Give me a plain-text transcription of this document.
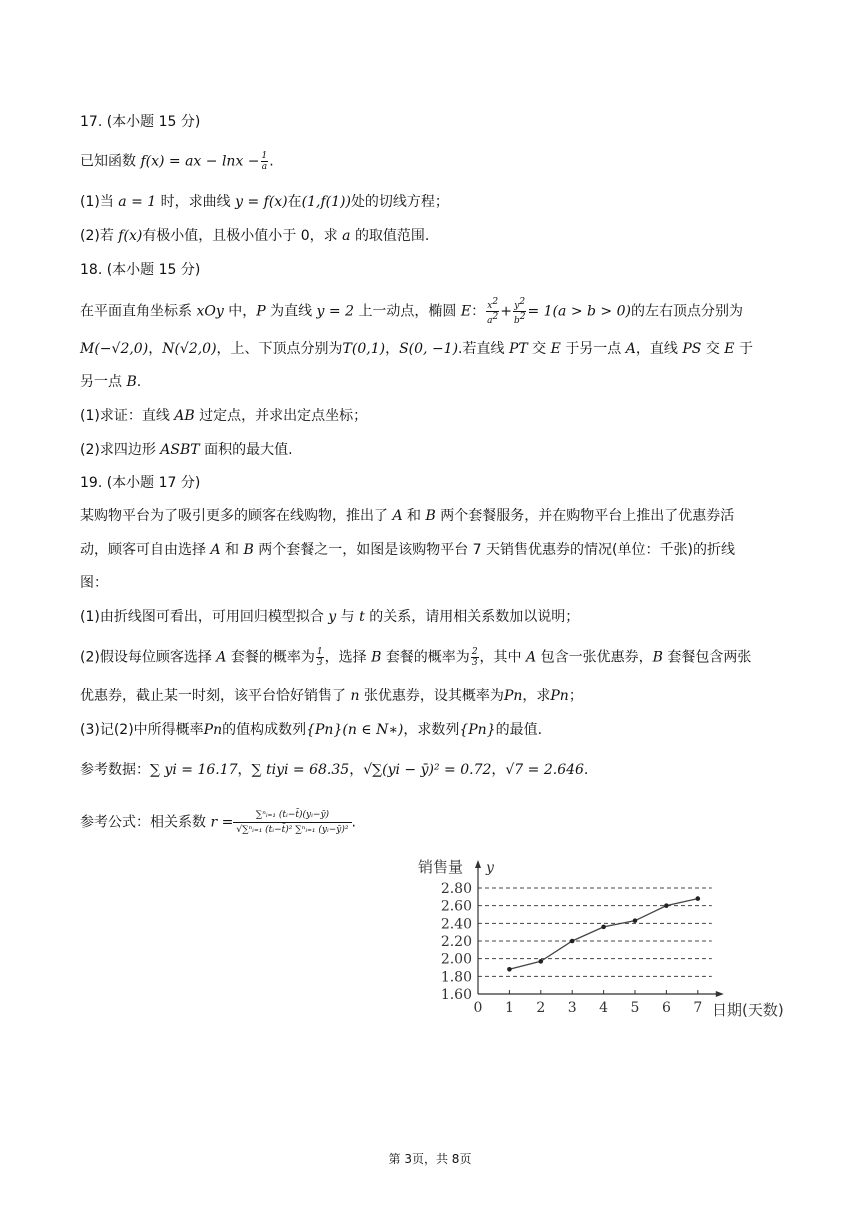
17. (本小题 15 分)
已知函数 f(x) = ax − $\ln x - \frac{1}{a}$ .
(1)当 a = 1 时，求曲线 y = f(x)在(1,f(1))处的切线方程；
(2)若 f(x)有极小值，且极小值小于 0，求 a 的取值范围.
18. (本小题 15 分)
在平面直角坐标系 xOy 中，P 为直线 y = 2 上一动点，椭圆 E： $\frac{x^2}{a^2} + \frac{y^2}{b^2} = 1(a > b > 0)$的左右顶点分别为
M(−√2,0)，N(√2,0)，上、下顶点分别为T(0,1)，S(0, −1).若直线 PT 交 E 于另一点 A，直线 PS 交 E 于
另一点 B.
(1)求证：直线 AB 过定点，并求出定点坐标；
(2)求四边形 ASBT 面积的最大值.
19. (本小题 17 分)
某购物平台为了吸引更多的顾客在线购物，推出了 A 和 B 两个套餐服务，并在购物平台上推出了优惠券活
动，顾客可自由选择 A 和 B 两个套餐之一，如图是该购物平台 7 天销售优惠券的情况(单位：千张)的折线
图：
(1)由折线图可看出，可用回归模型拟合 y 与 t 的关系，请用相关系数加以说明；
(2)假设每位顾客选择 A 套餐的概率为 $\frac{1}{3}$ ，选择 B 套餐的概率为 $\frac{2}{3}$ ，其中 A 包含一张优惠券，B 套餐包含两张
优惠券，截止某一时刻，该平台恰好销售了 n 张优惠券，设其概率为Pn，求Pn；
(3)记(2)中所得概率Pn的值构成数列{Pn}(n ∈ N∗)，求数列{Pn}的最值.
参考数据：∑ yi = 16.17，∑ tiyi = 68.35，√∑(yi − ȳ)² = 0.72，√7 = 2.646.
参考公式：相关系数 $r = \frac{\text{∑ⁿᵢ₌₁ (tᵢ−t̄)(yᵢ−ȳ)}}{\text{√∑ⁿᵢ₌₁ (tᵢ−t̄)² ∑ⁿᵢ₌₁ (yᵢ−ȳ)²}}$ .
1.60
1.80
2.00
2.20
2.40
2.60
2.80
0 1 2 3 4 5 6 7
销售量 y
日期(天数)
第 3页，共 8页
